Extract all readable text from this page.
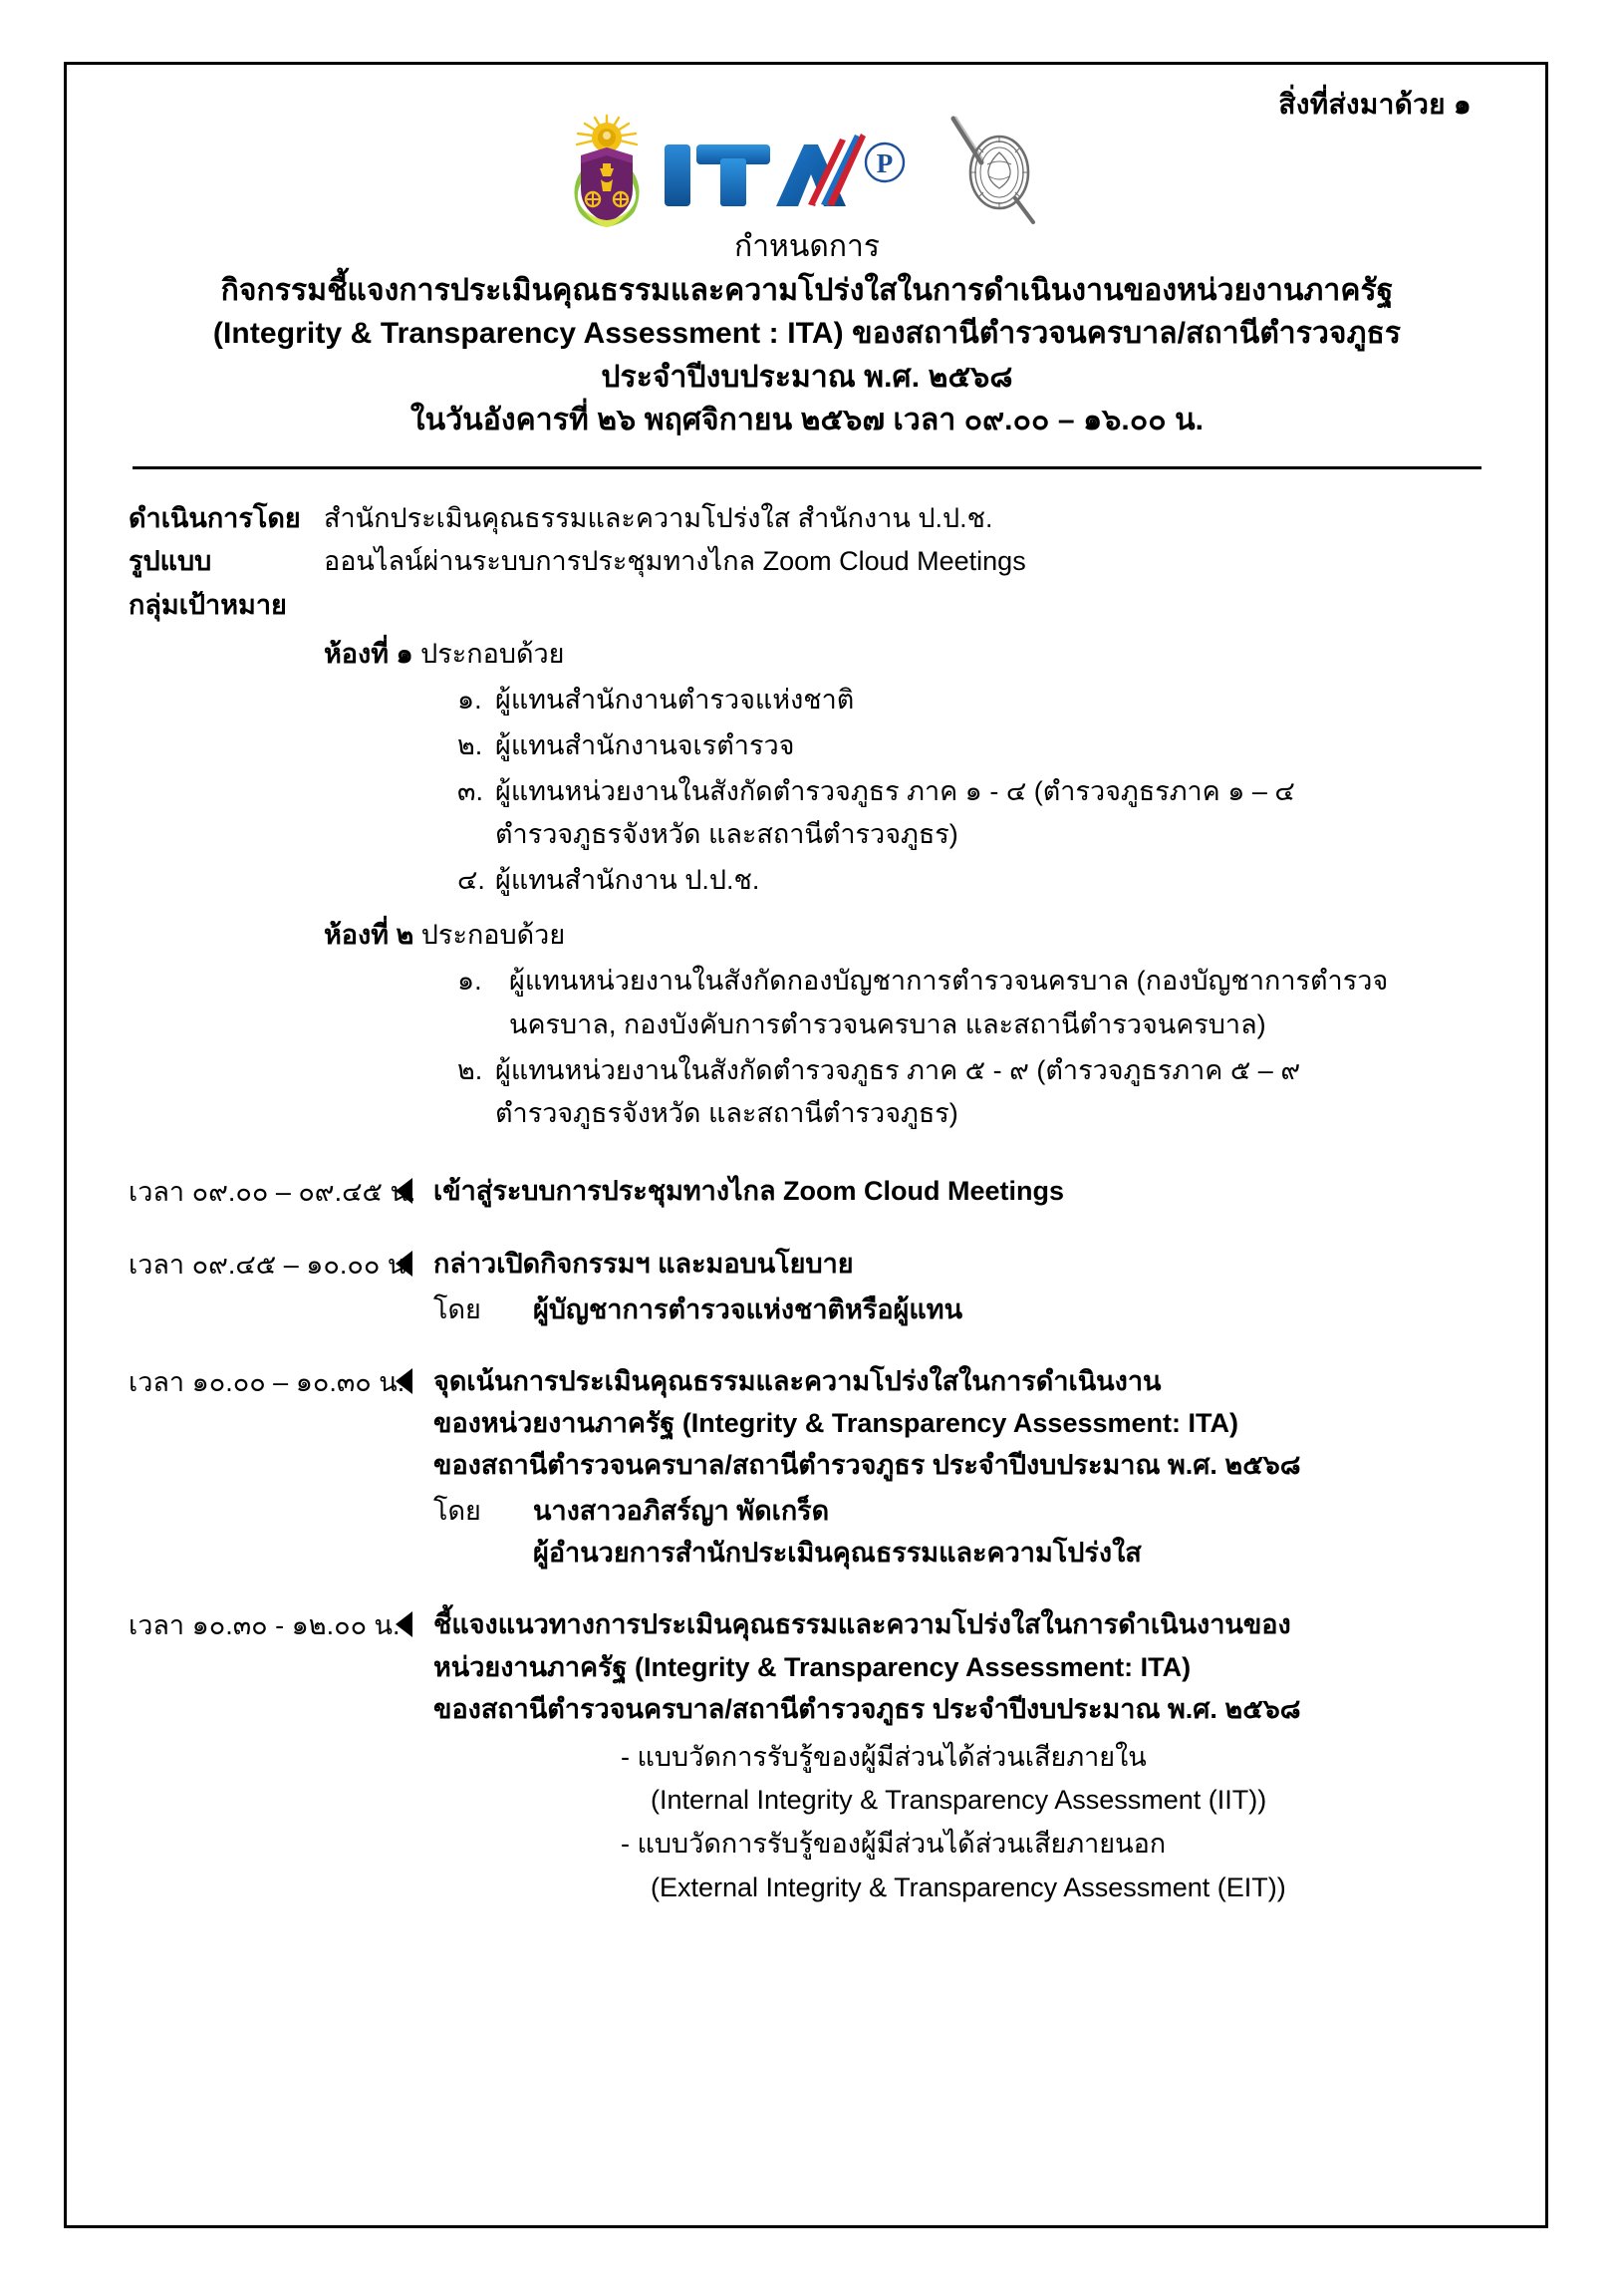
สิ่งที่ส่งมาด้วย ๑
P
กำหนดการ
กิจกรรมชี้แจงการประเมินคุณธรรมและความโปร่งใสในการดำเนินงานของหน่วยงานภาครัฐ
(Integrity & Transparency Assessment : ITA) ของสถานีตำรวจนครบาล/สถานีตำรวจภูธร
ประจำปีงบประมาณ พ.ศ. ๒๕๖๘
ในวันอังคารที่ ๒๖ พฤศจิกายน ๒๕๖๗ เวลา ๐๙.๐๐ – ๑๖.๐๐ น.
ดำเนินการโดย สำนักประเมินคุณธรรมและความโปร่งใส สำนักงาน ป.ป.ช.
รูปแบบ	ออนไลน์ผ่านระบบการประชุมทางไกล Zoom Cloud Meetings
กลุ่มเป้าหมาย
ห้องที่ ๑ ประกอบด้วย
๑. ผู้แทนสำนักงานตำรวจแห่งชาติ
๒. ผู้แทนสำนักงานจเรตำรวจ
๓. ผู้แทนหน่วยงานในสังกัดตำรวจภูธร ภาค ๑ - ๔ (ตำรวจภูธรภาค ๑ – ๔
ตำรวจภูธรจังหวัด และสถานีตำรวจภูธร)
๔. ผู้แทนสำนักงาน ป.ป.ช.
ห้องที่ ๒ ประกอบด้วย
๑.	ผู้แทนหน่วยงานในสังกัดกองบัญชาการตำรวจนครบาล (กองบัญชาการตำรวจ
นครบาล, กองบังคับการตำรวจนครบาล และสถานีตำรวจนครบาล)
๒. ผู้แทนหน่วยงานในสังกัดตำรวจภูธร ภาค ๕ - ๙ (ตำรวจภูธรภาค ๕ – ๙
ตำรวจภูธรจังหวัด และสถานีตำรวจภูธร)
เวลา ๐๙.๐๐ – ๐๙.๔๕ น. เข้าสู่ระบบการประชุมทางไกล Zoom Cloud Meetings
เวลา ๐๙.๔๕ – ๑๐.๐๐ น. กล่าวเปิดกิจกรรมฯ และมอบนโยบาย
โดย	ผู้บัญชาการตำรวจแห่งชาติหรือผู้แทน
เวลา ๑๐.๐๐ – ๑๐.๓๐ น. จุดเน้นการประเมินคุณธรรมและความโปร่งใสในการดำเนินงาน
ของหน่วยงานภาครัฐ (Integrity & Transparency Assessment: ITA)
ของสถานีตำรวจนครบาล/สถานีตำรวจภูธร ประจำปีงบประมาณ พ.ศ. ๒๕๖๘
โดย	นางสาวอภิสร์ญา พัดเกร็ด
ผู้อำนวยการสำนักประเมินคุณธรรมและความโปร่งใส
เวลา ๑๐.๓๐ - ๑๒.๐๐ น. ชี้แจงแนวทางการประเมินคุณธรรมและความโปร่งใสในการดำเนินงานของ
หน่วยงานภาครัฐ (Integrity & Transparency Assessment: ITA)
ของสถานีตำรวจนครบาล/สถานีตำรวจภูธร ประจำปีงบประมาณ พ.ศ. ๒๕๖๘
- แบบวัดการรับรู้ของผู้มีส่วนได้ส่วนเสียภายใน
(Internal Integrity & Transparency Assessment (IIT))
- แบบวัดการรับรู้ของผู้มีส่วนได้ส่วนเสียภายนอก
(External Integrity & Transparency Assessment (EIT))
